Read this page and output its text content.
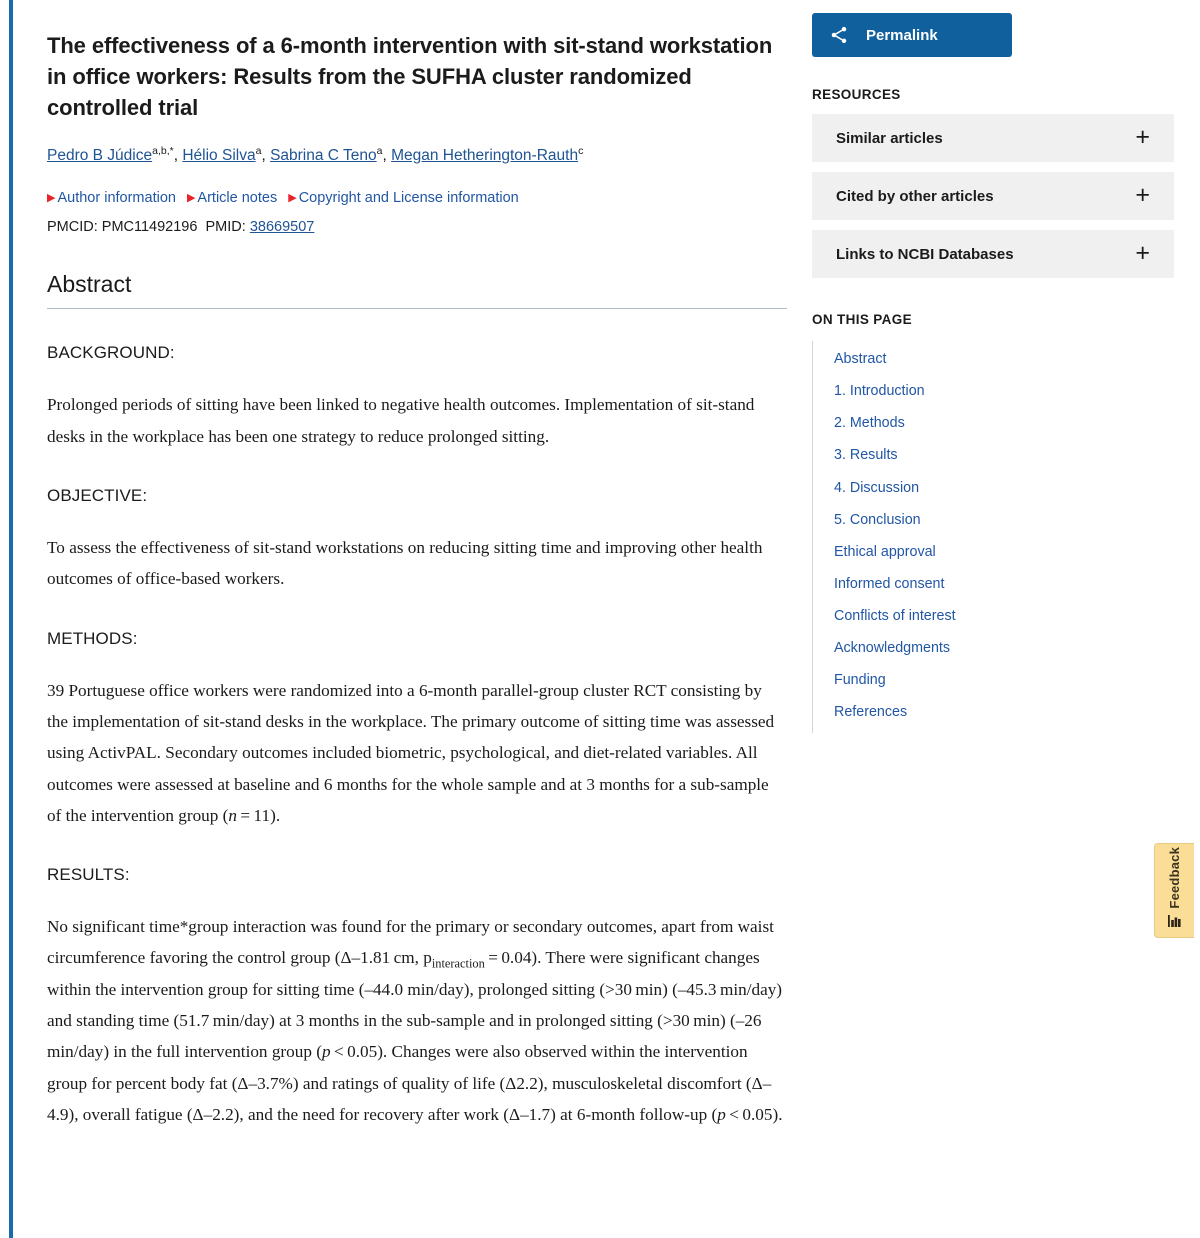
The effectiveness of a 6-month intervention with sit-stand workstation in office workers: Results from the SUFHA cluster randomized controlled trial
Pedro B Júdice$^{a,b,*}$, Hélio Silva$^a$, Sabrina C Teno$^a$, Megan Hetherington-Rauth$^c$
▶ Author information ▶ Article notes ▶ Copyright and License information
PMCID: PMC11492196 PMID: 38669507
Abstract
BACKGROUND:
Prolonged periods of sitting have been linked to negative health outcomes. Implementation of sit-stand desks in the workplace has been one strategy to reduce prolonged sitting.
OBJECTIVE:
To assess the effectiveness of sit-stand workstations on reducing sitting time and improving other health outcomes of office-based workers.
METHODS:
39 Portuguese office workers were randomized into a 6-month parallel-group cluster RCT consisting by the implementation of sit-stand desks in the workplace. The primary outcome of sitting time was assessed using ActivPAL. Secondary outcomes included biometric, psychological, and diet-related variables. All outcomes were assessed at baseline and 6 months for the whole sample and at 3 months for a sub-sample of the intervention group (n = 11).
RESULTS:
No significant time*group interaction was found for the primary or secondary outcomes, apart from waist circumference favoring the control group (Δ–1.81 cm, $p_{interaction} = 0.04$). There were significant changes within the intervention group for sitting time (–44.0 min/day), prolonged sitting (>30 min) (–45.3 min/day) and standing time (51.7 min/day) at 3 months in the sub-sample and in prolonged sitting (>30 min) (–26 min/day) in the full intervention group (p < 0.05). Changes were also observed within the intervention group for percent body fat (Δ–3.7%) and ratings of quality of life (Δ2.2), musculoskeletal discomfort (Δ–4.9), overall fatigue (Δ–2.2), and the need for recovery after work (Δ–1.7) at 6-month follow-up (p < 0.05).
Permalink
RESOURCES
Similar articles	+
Cited by other articles	+
Links to NCBI Databases	+
ON THIS PAGE
Abstract
1. Introduction
2. Methods
3. Results
4. Discussion
5. Conclusion
Ethical approval
Informed consent
Conflicts of interest
Acknowledgments
Funding
References
Feedback
